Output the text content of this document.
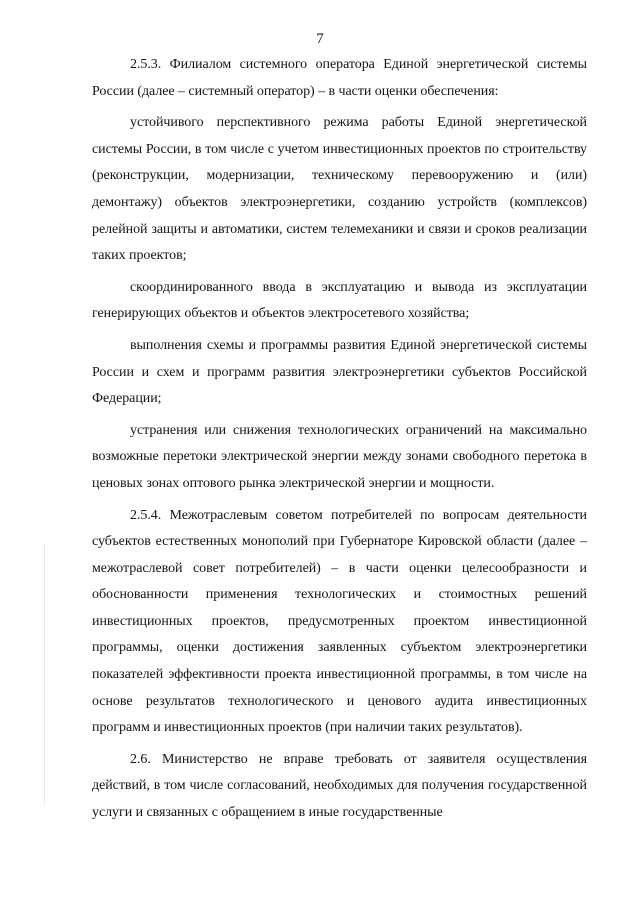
7

2.5.3. Филиалом системного оператора Единой энергетической системы России (далее – системный оператор) – в части оценки обеспечения:

устойчивого перспективного режима работы Единой энергетической системы России, в том числе с учетом инвестиционных проектов по строительству (реконструкции, модернизации, техническому перевооружению и (или) демонтажу) объектов электроэнергетики, созданию устройств (комплексов) релейной защиты и автоматики, систем телемеханики и связи и сроков реализации таких проектов;

скоординированного ввода в эксплуатацию и вывода из эксплуатации генерирующих объектов и объектов электросетевого хозяйства;

выполнения схемы и программы развития Единой энергетической системы России и схем и программ развития электроэнергетики субъектов Российской Федерации;

устранения или снижения технологических ограничений на максимально возможные перетоки электрической энергии между зонами свободного перетока в ценовых зонах оптового рынка электрической энергии и мощности.

2.5.4. Межотраслевым советом потребителей по вопросам деятельности субъектов естественных монополий при Губернаторе Кировской области (далее – межотраслевой совет потребителей) – в части оценки целесообразности и обоснованности применения технологических и стоимостных решений инвестиционных проектов, предусмотренных проектом инвестиционной программы, оценки достижения заявленных субъектом электроэнергетики показателей эффективности проекта инвестиционной программы, в том числе на основе результатов технологического и ценового аудита инвестиционных программ и инвестиционных проектов (при наличии таких результатов).

2.6. Министерство не вправе требовать от заявителя осуществления действий, в том числе согласований, необходимых для получения государственной услуги и связанных с обращением в иные государственные
